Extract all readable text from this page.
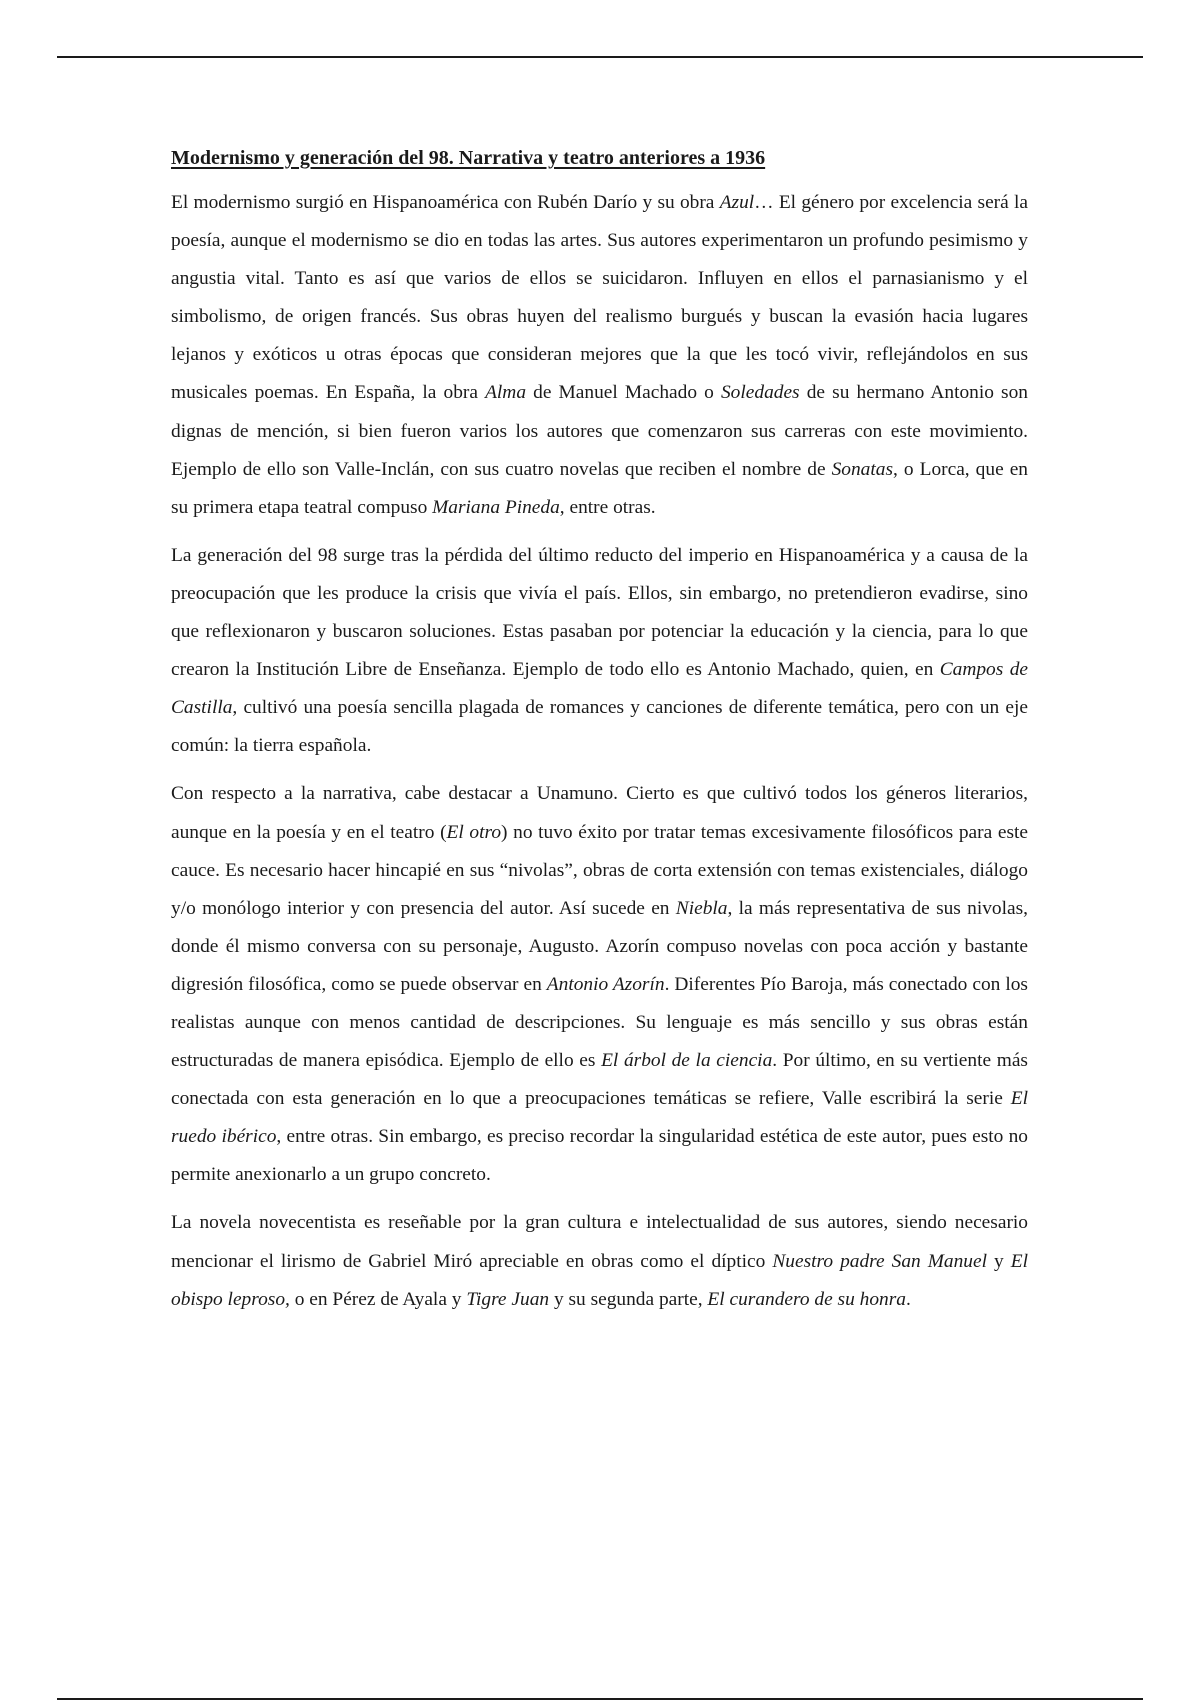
Modernismo y generación del 98. Narrativa y teatro anteriores a 1936

El modernismo surgió en Hispanoamérica con Rubén Darío y su obra Azul… El género por excelencia será la poesía, aunque el modernismo se dio en todas las artes. Sus autores experimentaron un profundo pesimismo y angustia vital. Tanto es así que varios de ellos se suicidaron. Influyen en ellos el parnasianismo y el simbolismo, de origen francés. Sus obras huyen del realismo burgués y buscan la evasión hacia lugares lejanos y exóticos u otras épocas que consideran mejores que la que les tocó vivir, reflejándolos en sus musicales poemas. En España, la obra Alma de Manuel Machado o Soledades de su hermano Antonio son dignas de mención, si bien fueron varios los autores que comenzaron sus carreras con este movimiento. Ejemplo de ello son Valle-Inclán, con sus cuatro novelas que reciben el nombre de Sonatas, o Lorca, que en su primera etapa teatral compuso Mariana Pineda, entre otras.

La generación del 98 surge tras la pérdida del último reducto del imperio en Hispanoamérica y a causa de la preocupación que les produce la crisis que vivía el país. Ellos, sin embargo, no pretendieron evadirse, sino que reflexionaron y buscaron soluciones. Estas pasaban por potenciar la educación y la ciencia, para lo que crearon la Institución Libre de Enseñanza. Ejemplo de todo ello es Antonio Machado, quien, en Campos de Castilla, cultivó una poesía sencilla plagada de romances y canciones de diferente temática, pero con un eje común: la tierra española.

Con respecto a la narrativa, cabe destacar a Unamuno. Cierto es que cultivó todos los géneros literarios, aunque en la poesía y en el teatro (El otro) no tuvo éxito por tratar temas excesivamente filosóficos para este cauce. Es necesario hacer hincapié en sus “nivolas”, obras de corta extensión con temas existenciales, diálogo y/o monólogo interior y con presencia del autor. Así sucede en Niebla, la más representativa de sus nivolas, donde él mismo conversa con su personaje, Augusto. Azorín compuso novelas con poca acción y bastante digresión filosófica, como se puede observar en Antonio Azorín. Diferentes Pío Baroja, más conectado con los realistas aunque con menos cantidad de descripciones. Su lenguaje es más sencillo y sus obras están estructuradas de manera episódica. Ejemplo de ello es El árbol de la ciencia. Por último, en su vertiente más conectada con esta generación en lo que a preocupaciones temáticas se refiere, Valle escribirá la serie El ruedo ibérico, entre otras. Sin embargo, es preciso recordar la singularidad estética de este autor, pues esto no permite anexionarlo a un grupo concreto.

La novela novecentista es reseñable por la gran cultura e intelectualidad de sus autores, siendo necesario mencionar el lirismo de Gabriel Miró apreciable en obras como el díptico Nuestro padre San Manuel y El obispo leproso, o en Pérez de Ayala y Tigre Juan y su segunda parte, El curandero de su honra.
